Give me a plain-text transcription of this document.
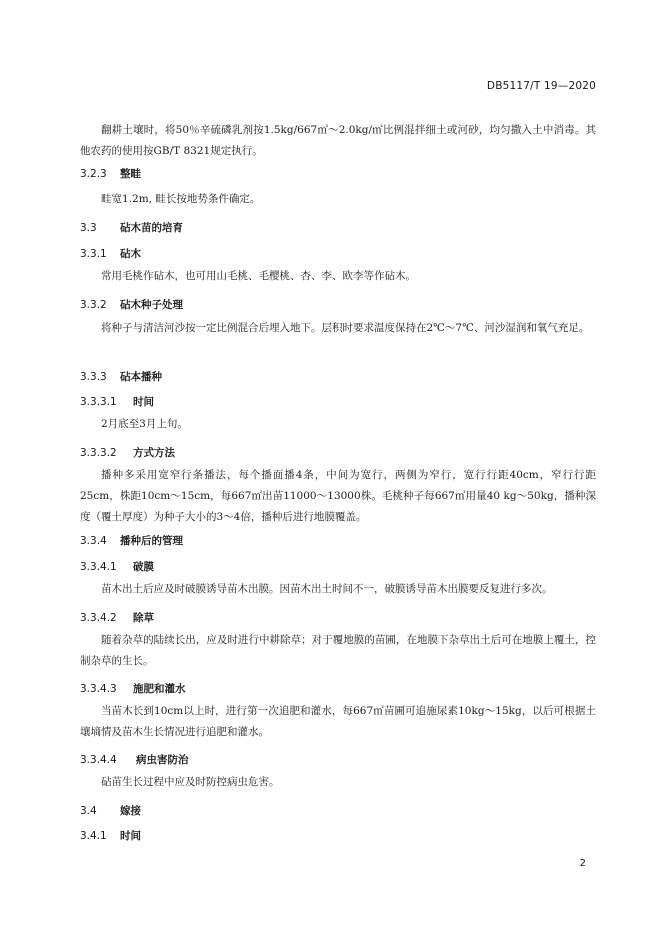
DB5117/T 19—2020
翻耕土壤时，将50％辛硫磷乳剂按1.5kg/667㎡～2.0kg/㎡比例混拌细土或河砂，均匀撒入土中消毒。其他农药的使用按GB/T 8321规定执行。
3.2.3 整畦
畦宽1.2m, 畦长按地势条件确定。
3.3 砧木苗的培育
3.3.1 砧木
常用毛桃作砧木，也可用山毛桃、毛樱桃、杏、李、欧李等作砧木。
3.3.2 砧木种子处理
将种子与清洁河沙按一定比例混合后埋入地下。层积时要求温度保持在2℃～7℃、河沙湿润和氧气充足。
3.3.3 砧本播种
3.3.3.1 时间
2月底至3月上旬。
3.3.3.2 方式方法
播种多采用宽窄行条播法，每个播面播4条，中间为宽行，两侧为窄行，宽行行距40cm，窄行行距25cm，株距10cm～15cm，每667㎡出苗11000～13000株。毛桃种子每667㎡用量40 kg～50kg，播种深度（覆土厚度）为种子大小的3～4倍，播种后进行地膜覆盖。
3.3.4 播种后的管理
3.3.4.1 破膜
苗木出土后应及时破膜诱导苗木出膜。因苗木出土时间不一，破膜诱导苗木出膜要反复进行多次。
3.3.4.2 除草
随着杂草的陆续长出，应及时进行中耕除草；对于覆地膜的苗圃，在地膜下杂草出土后可在地膜上覆土，控制杂草的生长。
3.3.4.3 施肥和灌水
当苗木长到10cm以上时，进行第一次追肥和灌水，每667㎡苗圃可追施尿素10kg～15kg，以后可根据土壤墒情及苗木生长情况进行追肥和灌水。
3.3.4.4 病虫害防治
砧苗生长过程中应及时防控病虫危害。
3.4 嫁接
3.4.1 时间
2
